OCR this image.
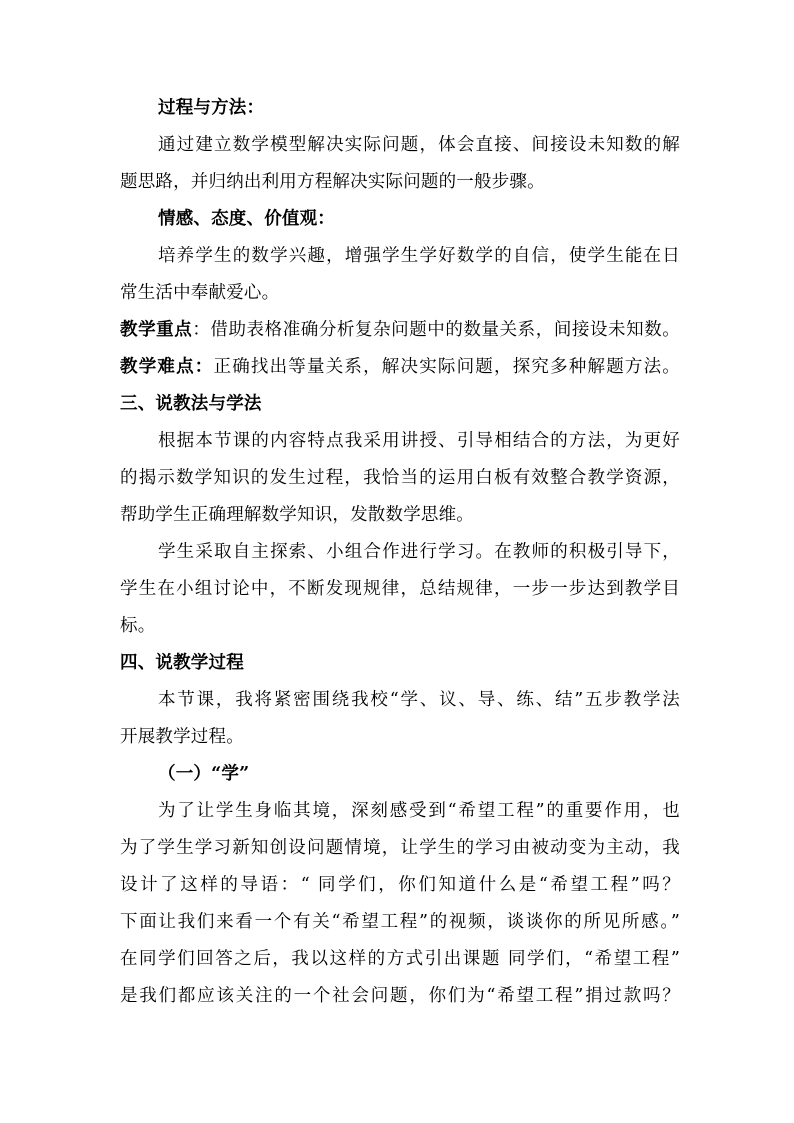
过程与方法：
通过建立数学模型解决实际问题，体会直接、间接设未知数的解
题思路，并归纳出利用方程解决实际问题的一般步骤。
情感、态度、价值观：
培养学生的数学兴趣，增强学生学好数学的自信，使学生能在日
常生活中奉献爱心。
教学重点：借助表格准确分析复杂问题中的数量关系，间接设未知数。
教学难点：正确找出等量关系，解决实际问题，探究多种解题方法。
三、说教法与学法
根据本节课的内容特点我采用讲授、引导相结合的方法，为更好
的揭示数学知识的发生过程，我恰当的运用白板有效整合教学资源，
帮助学生正确理解数学知识，发散数学思维。
学生采取自主探索、小组合作进行学习。在教师的积极引导下，
学生在小组讨论中，不断发现规律，总结规律，一步一步达到教学目
标。
四、说教学过程
本节课，我将紧密围绕我校“学、议、导、练、结”五步教学法
开展教学过程。
（一）“学”
为了让学生身临其境，深刻感受到“希望工程”的重要作用，也
为了学生学习新知创设问题情境，让学生的学习由被动变为主动，我
设计了这样的导语：“ 同学们，你们知道什么是“希望工程”吗？
下面让我们来看一个有关“希望工程”的视频，谈谈你的所见所感。”
在同学们回答之后，我以这样的方式引出课题 同学们，“希望工程”
是我们都应该关注的一个社会问题，你们为“希望工程”捐过款吗？
